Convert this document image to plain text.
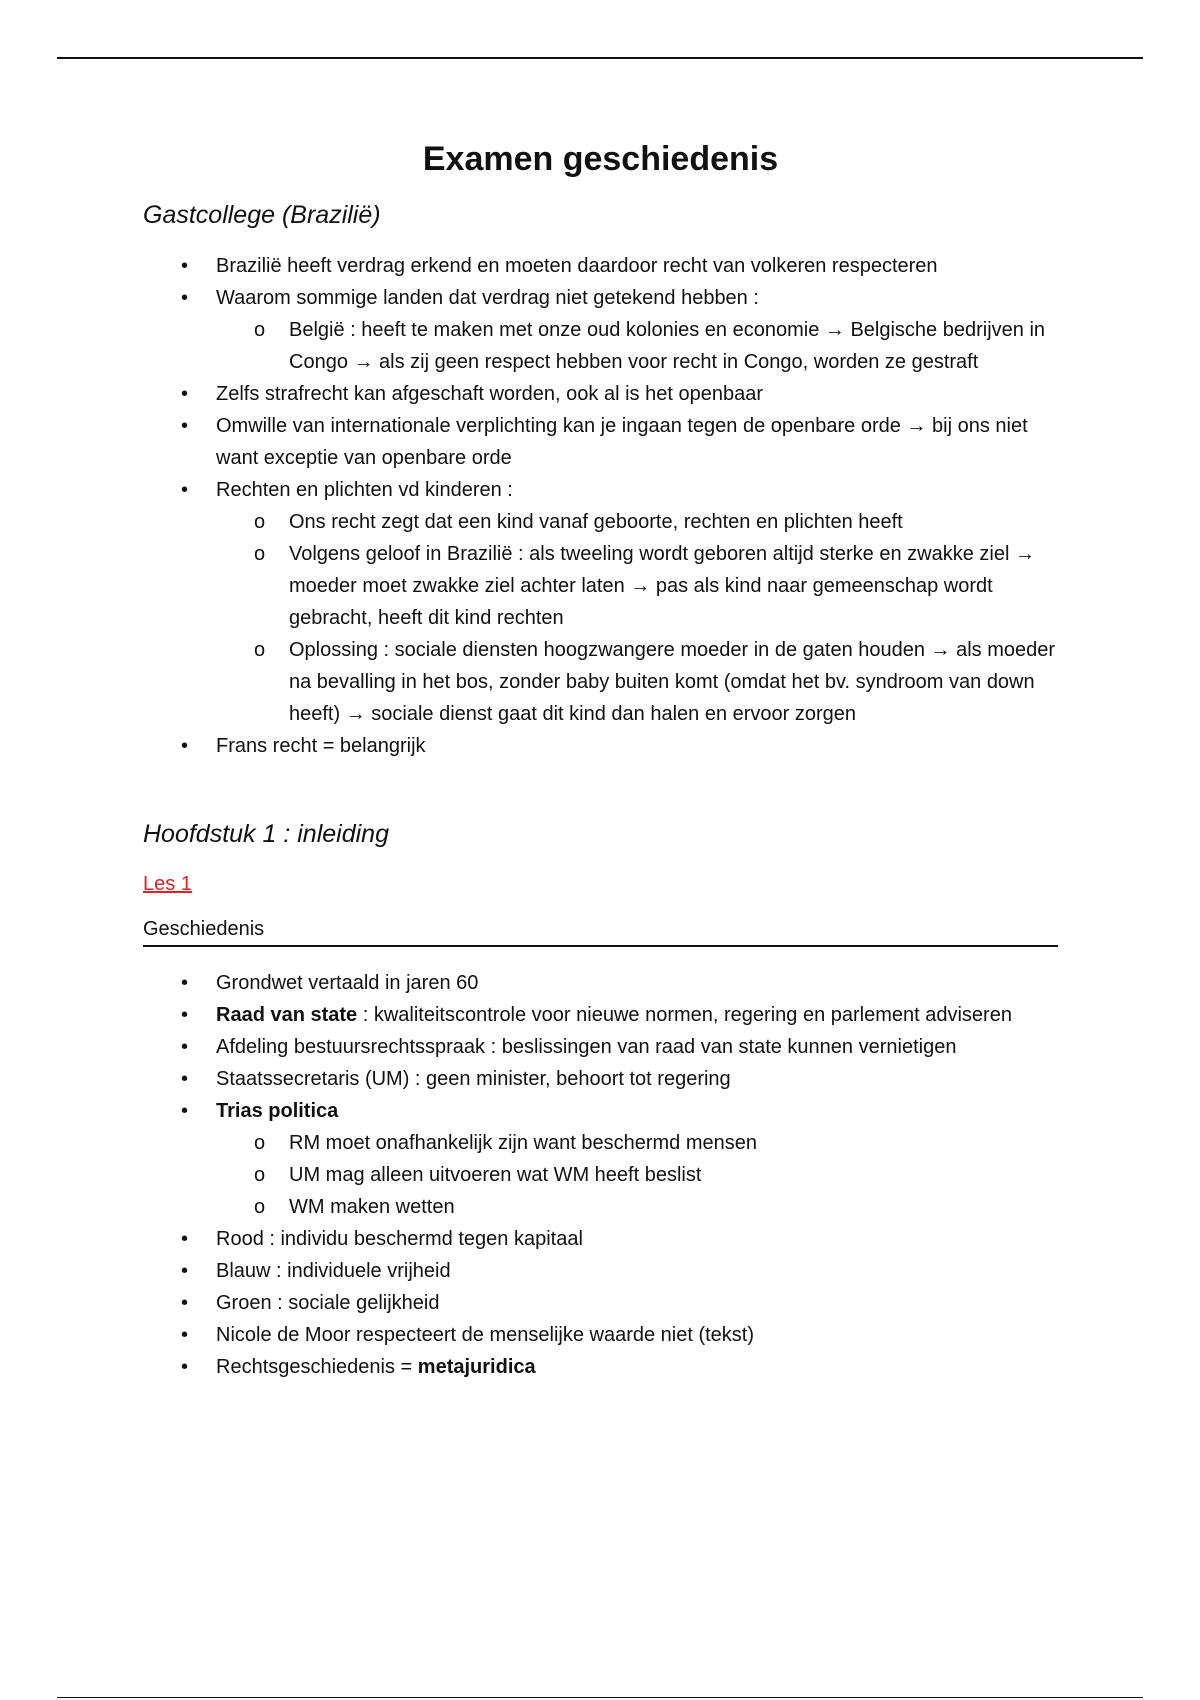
Examen geschiedenis
Gastcollege (Brazilië)
• Brazilië heeft verdrag erkend en moeten daardoor recht van volkeren respecteren
• Waarom sommige landen dat verdrag niet getekend hebben :
o België : heeft te maken met onze oud kolonies en economie → Belgische bedrijven in Congo → als zij geen respect hebben voor recht in Congo, worden ze gestraft
• Zelfs strafrecht kan afgeschaft worden, ook al is het openbaar
• Omwille van internationale verplichting kan je ingaan tegen de openbare orde → bij ons niet want exceptie van openbare orde
• Rechten en plichten vd kinderen :
o Ons recht zegt dat een kind vanaf geboorte, rechten en plichten heeft
o Volgens geloof in Brazilië : als tweeling wordt geboren altijd sterke en zwakke ziel → moeder moet zwakke ziel achter laten → pas als kind naar gemeenschap wordt gebracht, heeft dit kind rechten
o Oplossing : sociale diensten hoogzwangere moeder in de gaten houden → als moeder na bevalling in het bos, zonder baby buiten komt (omdat het bv. syndroom van down heeft) → sociale dienst gaat dit kind dan halen en ervoor zorgen
• Frans recht = belangrijk
Hoofdstuk 1 : inleiding
Les 1
Geschiedenis
• Grondwet vertaald in jaren 60
• Raad van state : kwaliteitscontrole voor nieuwe normen, regering en parlement adviseren
• Afdeling bestuursrechtsspraak : beslissingen van raad van state kunnen vernietigen
• Staatssecretaris (UM) : geen minister, behoort tot regering
• Trias politica
o RM moet onafhankelijk zijn want beschermd mensen
o UM mag alleen uitvoeren wat WM heeft beslist
o WM maken wetten
• Rood : individu beschermd tegen kapitaal
• Blauw : individuele vrijheid
• Groen : sociale gelijkheid
• Nicole de Moor respecteert de menselijke waarde niet (tekst)
• Rechtsgeschiedenis = metajuridica
